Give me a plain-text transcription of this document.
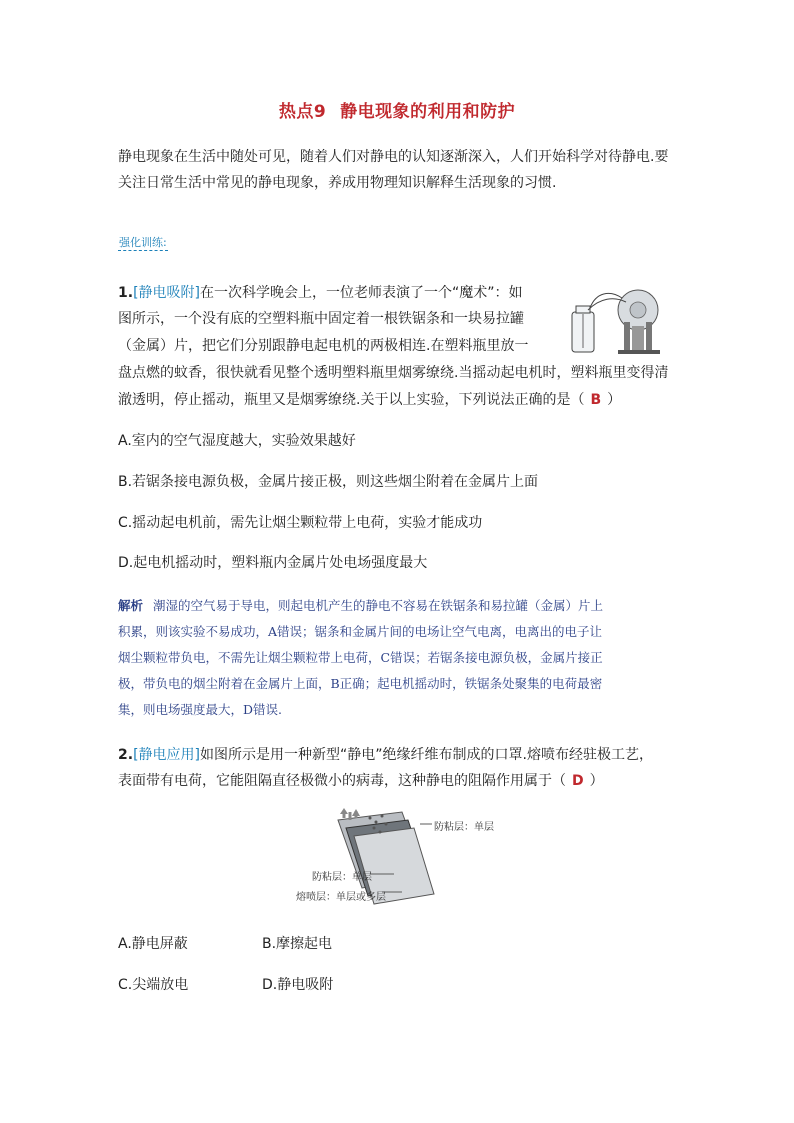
热点9 静电现象的利用和防护
静电现象在生活中随处可见，随着人们对静电的认知逐渐深入，人们开始科学对待静电.要
关注日常生活中常见的静电现象，养成用物理知识解释生活现象的习惯.
强化训练:
1.[静电吸附]在一次科学晚会上，一位老师表演了一个“魔术”：如
图所示，一个没有底的空塑料瓶中固定着一根铁锯条和一块易拉罐
（金属）片，把它们分别跟静电起电机的两极相连.在塑料瓶里放一
盘点燃的蚊香，很快就看见整个透明塑料瓶里烟雾缭绕.当摇动起电机时，塑料瓶里变得清
澈透明，停止摇动，瓶里又是烟雾缭绕.关于以上实验，下列说法正确的是（ B ）
A.室内的空气湿度越大，实验效果越好
B.若锯条接电源负极，金属片接正极，则这些烟尘附着在金属片上面
C.摇动起电机前，需先让烟尘颗粒带上电荷，实验才能成功
D.起电机摇动时，塑料瓶内金属片处电场强度最大
解析 潮湿的空气易于导电，则起电机产生的静电不容易在铁锯条和易拉罐（金属）片上
积累，则该实验不易成功，A错误；锯条和金属片间的电场让空气电离，电离出的电子让
烟尘颗粒带负电，不需先让烟尘颗粒带上电荷，C错误；若锯条接电源负极，金属片接正
极，带负电的烟尘附着在金属片上面，B正确；起电机摇动时，铁锯条处聚集的电荷最密
集，则电场强度最大，D错误.
2.[静电应用]如图所示是用一种新型“静电”绝缘纤维布制成的口罩.熔喷布经驻极工艺，
表面带有电荷，它能阻隔直径极微小的病毒，这种静电的阻隔作用属于（ D ）
防粘层：单层
防粘层：单层
熔喷层：单层或多层
A.静电屏蔽	B.摩擦起电
C.尖端放电	D.静电吸附
